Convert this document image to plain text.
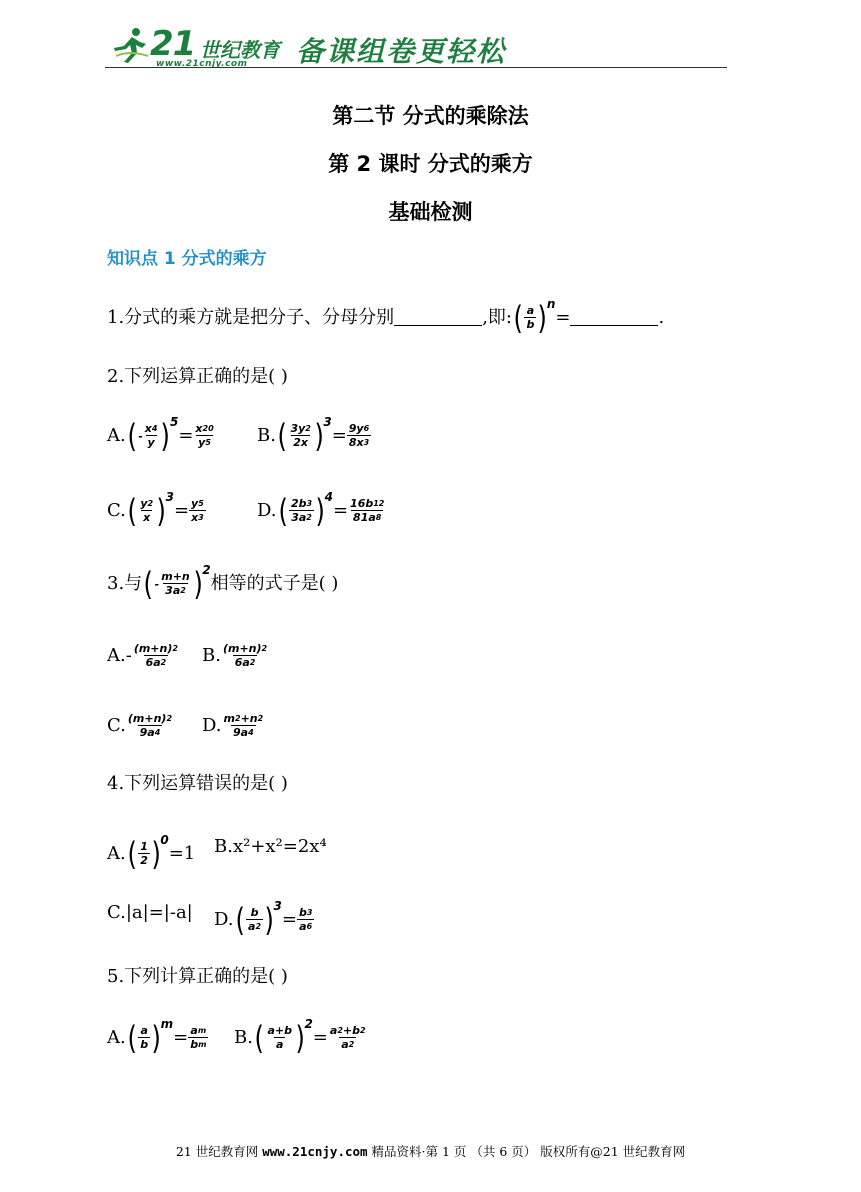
21 世纪教育
www.21cnjy.com 备课组卷更轻松
第二节 分式的乘除法
第 2 课时 分式的乘方
基础检测
知识点 1 分式的乘方
1.分式的乘方就是把分子、分母分别	,即: ( $\frac{a}{b}$ ) n
=	.
2.下列运算正确的是( )
A. ( - $\frac{x4}{y}$ ) 5
= $\frac{x20}{y5} B$. ( $\frac{3y2}{2x}$ ) 3
= $\frac{9y6}{8x3}$
C. ( $\frac{y2}{x}$ ) 3
= $\frac{y5}{x3}$	D. ( $\frac{2b3}{3a2}$ ) 4
= $\frac{16b12}{81a8}$
3.与 ( - $\frac{m+n}{3a2}$ ) 2
相等的式子是( )
$A.- \frac{(m+n)2}{6a2} B$. $\frac{(m+n)2}{6a2}$
C. $\frac{(m+n)2}{9a4} D$. $\frac{m2+n2}{9a4}$
4.下列运算错误的是( )
A. ( $\frac{1}{2}$ ) 0
=1 B.x²+x²=2x⁴
C.|a|=|-a| D. ( $\frac{b}{a2}$ ) 3
= $\frac{b3}{a6}$
5.下列计算正确的是( )
A. ( $\frac{a}{b}$ ) m
= $\frac{am}{bm} B$. ( $\frac{a+b}{a}$ ) 2
= $\frac{a2+b2}{a2}$
21 世纪教育网 www.21cnjy.com 精品资料·第 1 页 （共 6 页） 版权所有@21 世纪教育网
